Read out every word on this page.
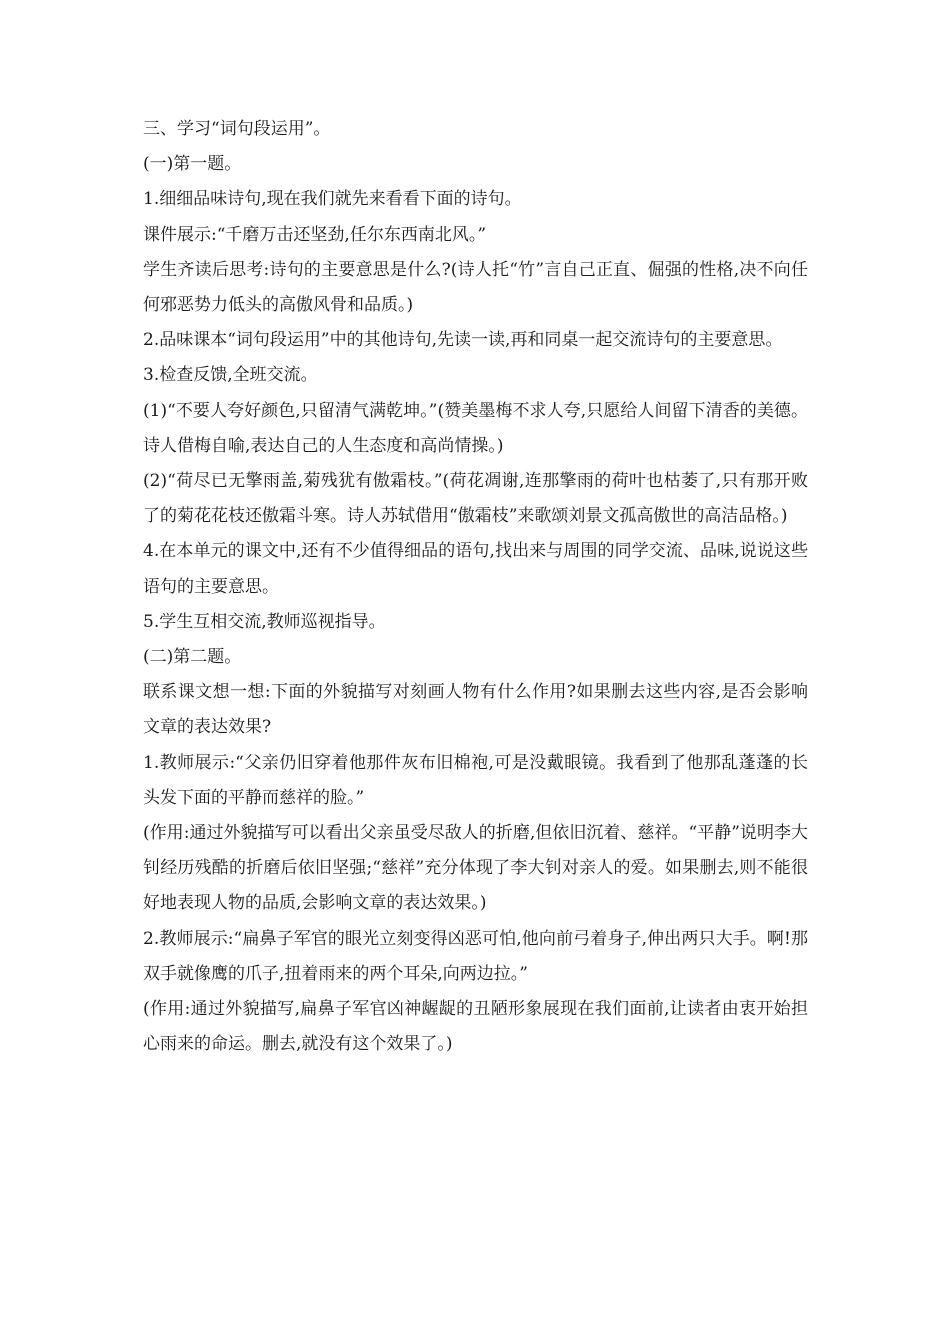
三、学习“词句段运用”。

(一)第一题。

1.细细品味诗句,现在我们就先来看看下面的诗句。

课件展示:“千磨万击还坚劲,任尔东西南北风。”

学生齐读后思考:诗句的主要意思是什么?(诗人托“竹”言自己正直、倔强的性格,决不向任何邪恶势力低头的高傲风骨和品质。)

2.品味课本“词句段运用”中的其他诗句,先读一读,再和同桌一起交流诗句的主要意思。

3.检查反馈,全班交流。

(1)“不要人夸好颜色,只留清气满乾坤。”(赞美墨梅不求人夸,只愿给人间留下清香的美德。诗人借梅自喻,表达自己的人生态度和高尚情操。)

(2)“荷尽已无擎雨盖,菊残犹有傲霜枝。”(荷花凋谢,连那擎雨的荷叶也枯萎了,只有那开败了的菊花花枝还傲霜斗寒。诗人苏轼借用“傲霜枝”来歌颂刘景文孤高傲世的高洁品格。)

4.在本单元的课文中,还有不少值得细品的语句,找出来与周围的同学交流、品味,说说这些语句的主要意思。

5.学生互相交流,教师巡视指导。

(二)第二题。

联系课文想一想:下面的外貌描写对刻画人物有什么作用?如果删去这些内容,是否会影响文章的表达效果?

1.教师展示:“父亲仍旧穿着他那件灰布旧棉袍,可是没戴眼镜。我看到了他那乱蓬蓬的长头发下面的平静而慈祥的脸。”

(作用:通过外貌描写可以看出父亲虽受尽敌人的折磨,但依旧沉着、慈祥。“平静”说明李大钊经历残酷的折磨后依旧坚强;“慈祥”充分体现了李大钊对亲人的爱。如果删去,则不能很好地表现人物的品质,会影响文章的表达效果。)

2.教师展示:“扁鼻子军官的眼光立刻变得凶恶可怕,他向前弓着身子,伸出两只大手。啊!那双手就像鹰的爪子,扭着雨来的两个耳朵,向两边拉。”

(作用:通过外貌描写,扁鼻子军官凶神龌龊的丑陋形象展现在我们面前,让读者由衷开始担心雨来的命运。删去,就没有这个效果了。)
